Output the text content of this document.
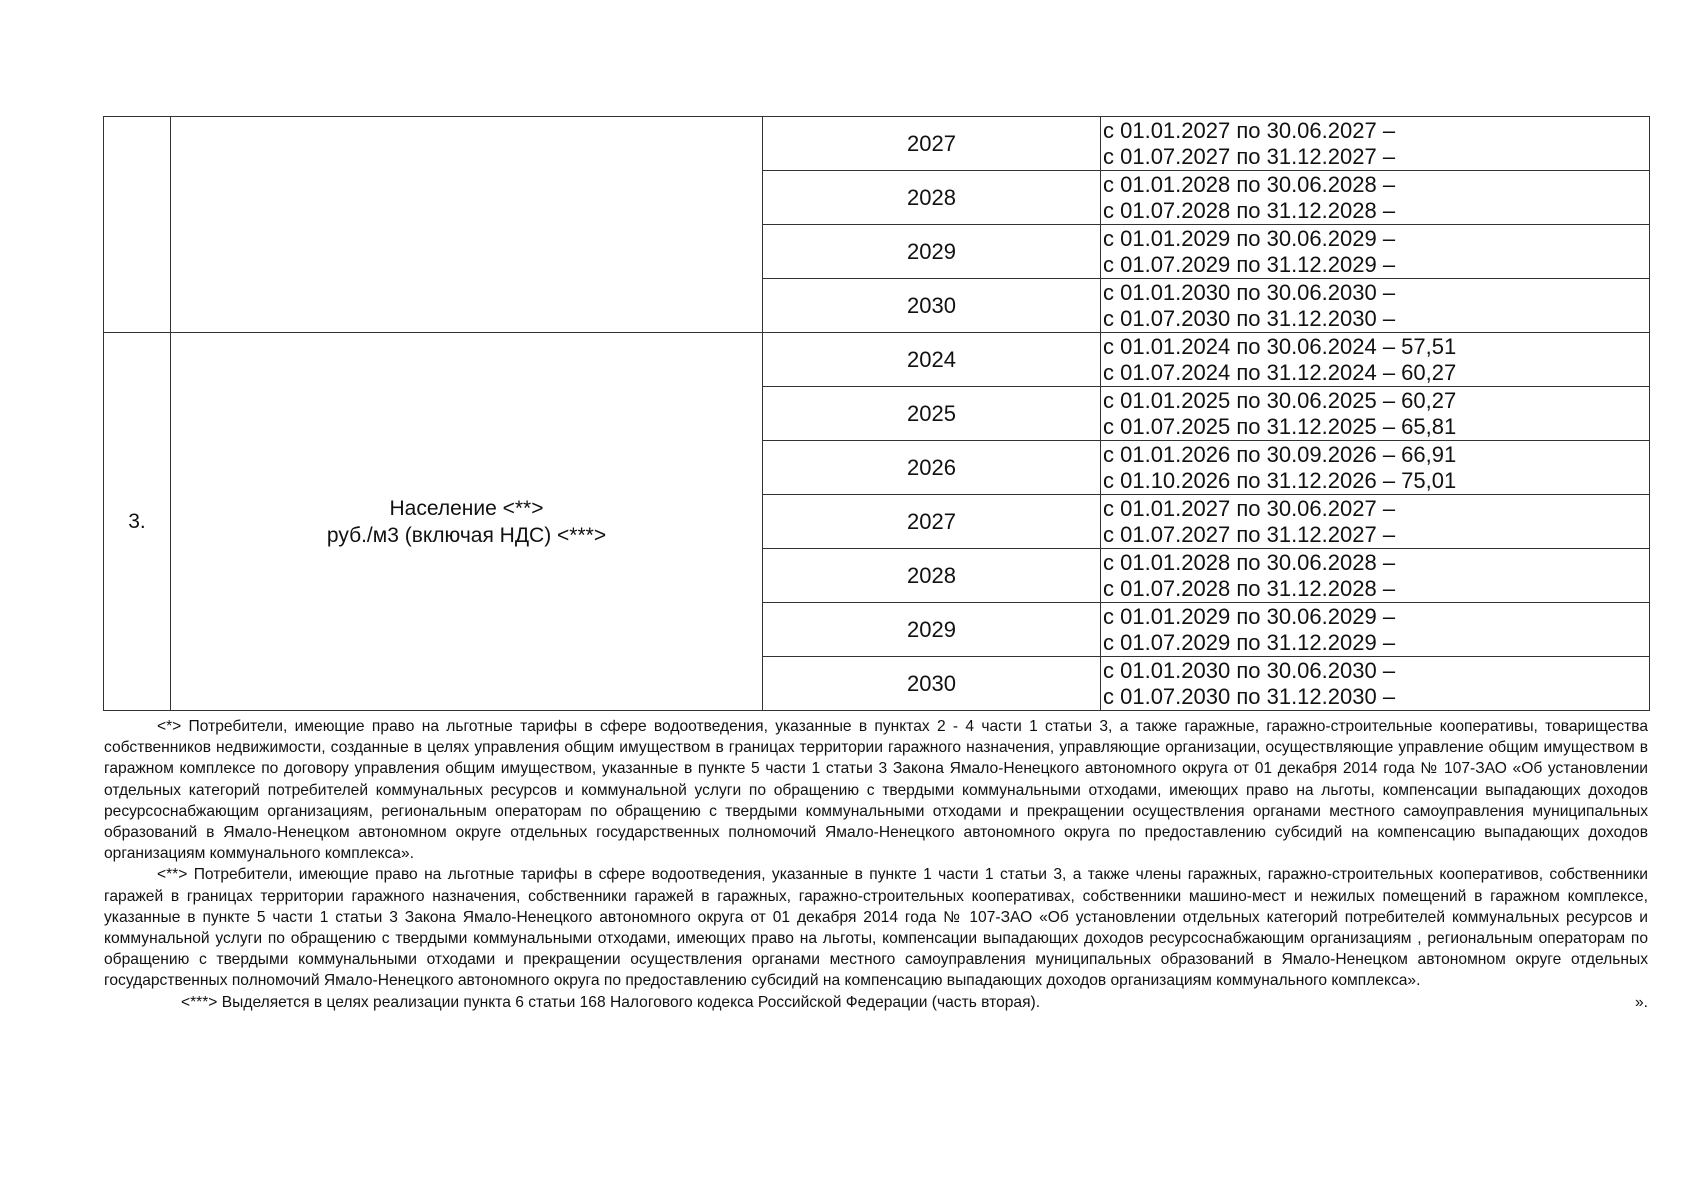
		2027	с 01.01.2027 по 30.06.2027 –
с 01.07.2027 по 31.12.2027 –

		2028	с 01.01.2028 по 30.06.2028 –
с 01.07.2028 по 31.12.2028 –

		2029	с 01.01.2029 по 30.06.2029 –
с 01.07.2029 по 31.12.2029 –

		2030	с 01.01.2030 по 30.06.2030 –
с 01.07.2030 по 31.12.2030 –

3.	Население <**>
руб./м3 (включая НДС) <***>	2024	с 01.01.2024 по 30.06.2024 – 57,51
с 01.07.2024 по 31.12.2024 – 60,27

		2025	с 01.01.2025 по 30.06.2025 – 60,27
с 01.07.2025 по 31.12.2025 – 65,81

		2026	с 01.01.2026 по 30.09.2026 – 66,91
с 01.10.2026 по 31.12.2026 – 75,01

		2027	с 01.01.2027 по 30.06.2027 –
с 01.07.2027 по 31.12.2027 –

		2028	с 01.01.2028 по 30.06.2028 –
с 01.07.2028 по 31.12.2028 –

		2029	с 01.01.2029 по 30.06.2029 –
с 01.07.2029 по 31.12.2029 –

		2030	с 01.01.2030 по 30.06.2030 –
с 01.07.2030 по 31.12.2030 –

<*> Потребители, имеющие право на льготные тарифы в сфере водоотведения, указанные в пунктах 2 - 4 части 1 статьи 3, а также гаражные, гаражно-строительные кооперативы, товарищества собственников недвижимости, созданные в целях управления общим имуществом в границах территории гаражного назначения, управляющие организации, осуществляющие управление общим имуществом в гаражном комплексе по договору управления общим имуществом, указанные в пункте 5 части 1 статьи 3 Закона Ямало-Ненецкого автономного округа от 01 декабря 2014 года № 107-ЗАО «Об установлении отдельных категорий потребителей коммунальных ресурсов и коммунальной услуги по обращению с твердыми коммунальными отходами, имеющих право на льготы, компенсации выпадающих доходов ресурсоснабжающим организациям, региональным операторам по обращению с твердыми коммунальными отходами и прекращении осуществления органами местного самоуправления муниципальных образований в Ямало-Ненецком автономном округе отдельных государственных полномочий Ямало-Ненецкого автономного округа по предоставлению субсидий на компенсацию выпадающих доходов организациям коммунального комплекса».

<**> Потребители, имеющие право на льготные тарифы в сфере водоотведения, указанные в пункте 1 части 1 статьи 3, а также члены гаражных, гаражно-строительных кооперативов, собственники гаражей в границах территории гаражного назначения, собственники гаражей в гаражных, гаражно-строительных кооперативах, собственники машино-мест и нежилых помещений в гаражном комплексе, указанные в пункте 5 части 1 статьи 3 Закона Ямало-Ненецкого автономного округа от 01 декабря 2014 года № 107-ЗАО «Об установлении отдельных категорий потребителей коммунальных ресурсов и коммунальной услуги по обращению с твердыми коммунальными отходами, имеющих право на льготы, компенсации выпадающих доходов ресурсоснабжающим организациям , региональным операторам по обращению с твердыми коммунальными отходами и прекращении осуществления органами местного самоуправления муниципальных образований в Ямало-Ненецком автономном округе отдельных государственных полномочий Ямало-Ненецкого автономного округа по предоставлению субсидий на компенсацию выпадающих доходов организациям коммунального комплекса».

<***> Выделяется в целях реализации пункта 6 статьи 168 Налогового кодекса Российской Федерации (часть вторая).	».
